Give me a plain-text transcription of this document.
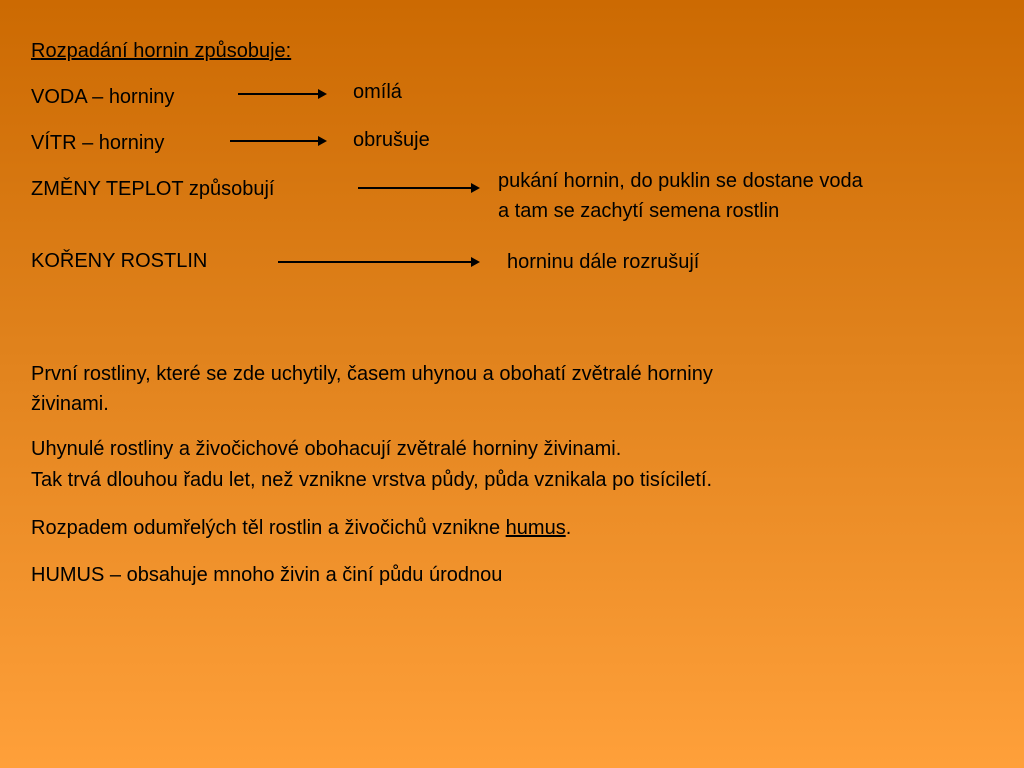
Rozpadání hornin způsobuje:
VODA – horniny	omílá
VÍTR – horniny	obrušuje
ZMĚNY TEPLOT způsobují	pukání hornin, do puklin se dostane voda
a tam se zachytí semena rostlin
KOŘENY ROSTLIN	horninu dále rozrušují
První rostliny, které se zde uchytily, časem uhynou a obohatí zvětralé horniny
živinami.
Uhynulé rostliny a živočichové obohacují zvětralé horniny živinami.
Tak trvá dlouhou řadu let, než vznikne vrstva půdy, půda vznikala po tisíciletí.
Rozpadem odumřelých těl rostlin a živočichů vznikne humus.
HUMUS – obsahuje mnoho živin a činí půdu úrodnou
